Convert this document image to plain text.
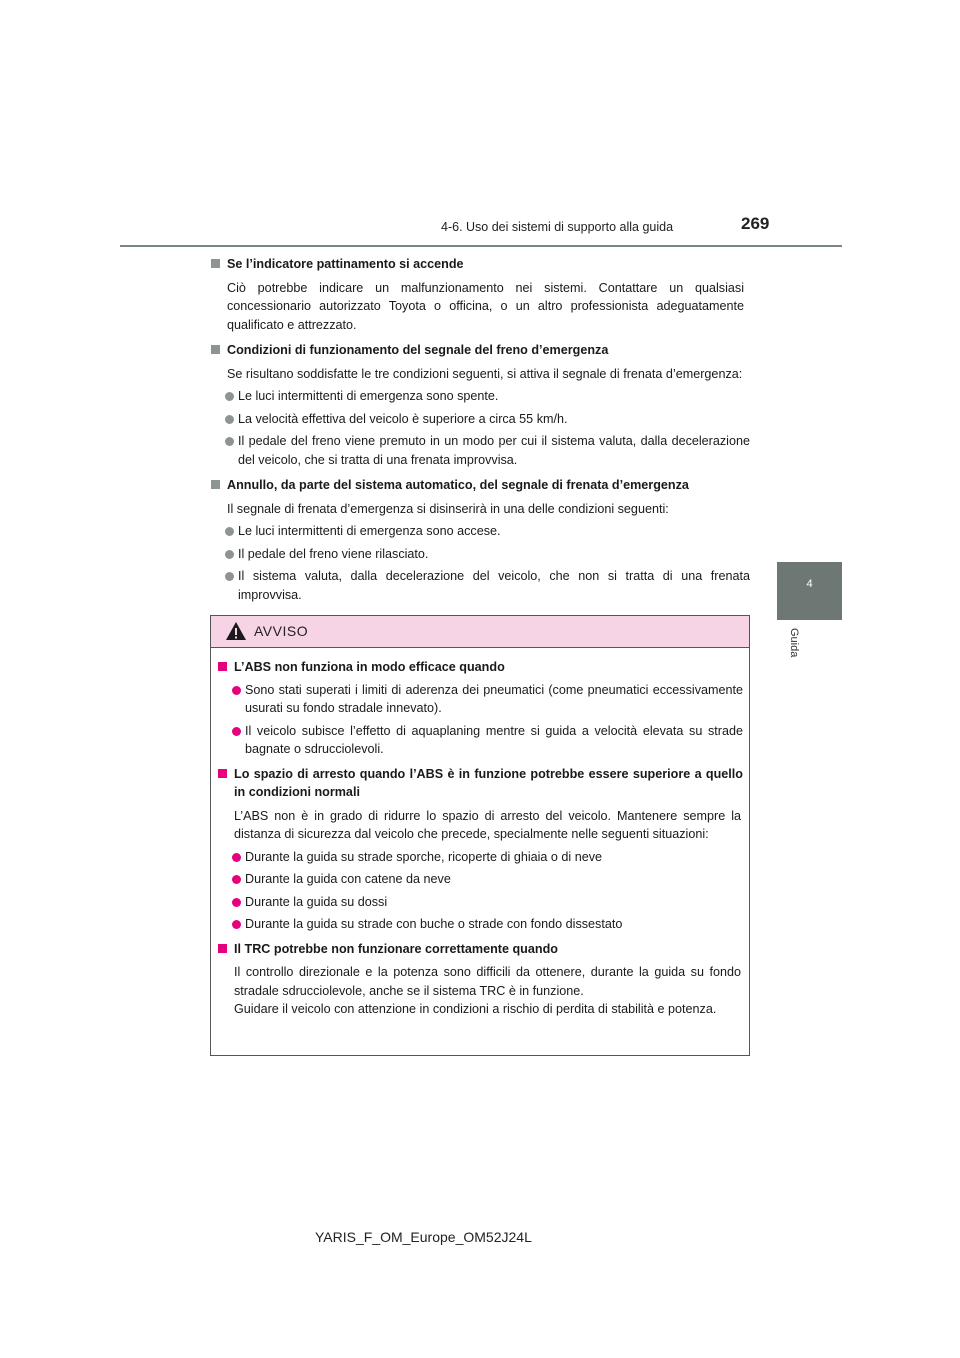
4-6. Uso dei sistemi di supporto alla guida	269
4
Guida
Se l’indicatore pattinamento si accende
Ciò potrebbe indicare un malfunzionamento nei sistemi. Contattare un qualsiasi concessionario autorizzato Toyota o officina, o un altro professionista adeguatamente qualificato e attrezzato.
Condizioni di funzionamento del segnale del freno d’emergenza
Se risultano soddisfatte le tre condizioni seguenti, si attiva il segnale di frenata d’emergenza:
Le luci intermittenti di emergenza sono spente.
La velocità effettiva del veicolo è superiore a circa 55 km/h.
Il pedale del freno viene premuto in un modo per cui il sistema valuta, dalla decelerazione del veicolo, che si tratta di una frenata improvvisa.
Annullo, da parte del sistema automatico, del segnale di frenata d’emergenza
Il segnale di frenata d’emergenza si disinserirà in una delle condizioni seguenti:
Le luci intermittenti di emergenza sono accese.
Il pedale del freno viene rilasciato.
Il sistema valuta, dalla decelerazione del veicolo, che non si tratta di una frenata improvvisa.
AVVISO
L’ABS non funziona in modo efficace quando
Sono stati superati i limiti di aderenza dei pneumatici (come pneumatici eccessivamente usurati su fondo stradale innevato).
Il veicolo subisce l’effetto di aquaplaning mentre si guida a velocità elevata su strade bagnate o sdrucciolevoli.
Lo spazio di arresto quando l’ABS è in funzione potrebbe essere superiore a quello in condizioni normali
L’ABS non è in grado di ridurre lo spazio di arresto del veicolo. Mantenere sempre la distanza di sicurezza dal veicolo che precede, specialmente nelle seguenti situazioni:
Durante la guida su strade sporche, ricoperte di ghiaia o di neve
Durante la guida con catene da neve
Durante la guida su dossi
Durante la guida su strade con buche o strade con fondo dissestato
Il TRC potrebbe non funzionare correttamente quando
Il controllo direzionale e la potenza sono difficili da ottenere, durante la guida su fondo stradale sdrucciolevole, anche se il sistema TRC è in funzione.
Guidare il veicolo con attenzione in condizioni a rischio di perdita di stabilità e potenza.
YARIS_F_OM_Europe_OM52J24L
